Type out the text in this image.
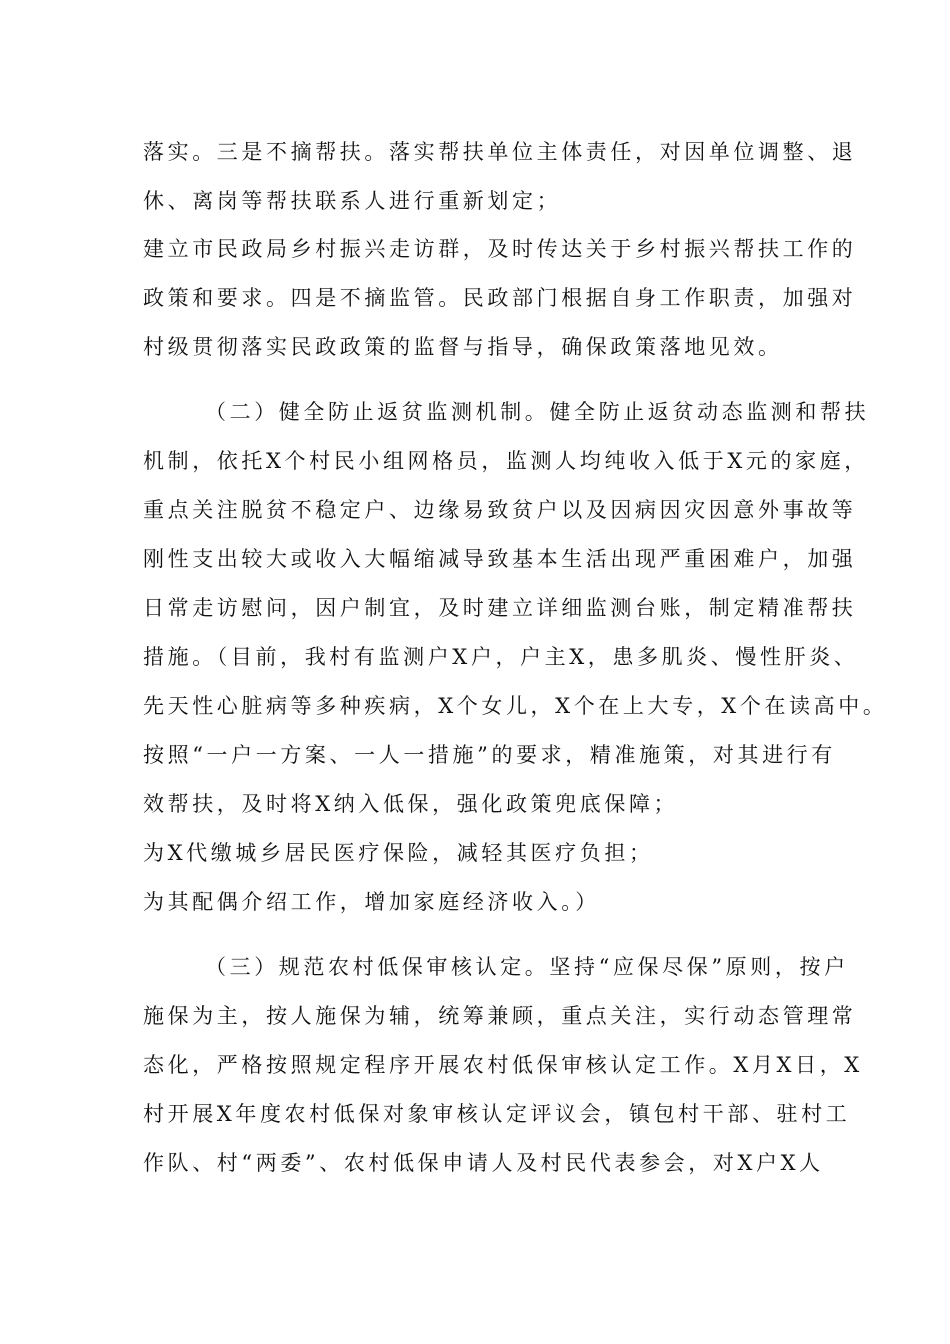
落实。三是不摘帮扶。落实帮扶单位主体责任，对因单位调整、退
休、离岗等帮扶联系人进行重新划定；
建立市民政局乡村振兴走访群，及时传达关于乡村振兴帮扶工作的
政策和要求。四是不摘监管。民政部门根据自身工作职责，加强对
村级贯彻落实民政政策的监督与指导，确保政策落地见效。
（二）健全防止返贫监测机制。健全防止返贫动态监测和帮扶
机制，依托X个村民小组网格员，监测人均纯收入低于X元的家庭，
重点关注脱贫不稳定户、边缘易致贫户以及因病因灾因意外事故等
刚性支出较大或收入大幅缩减导致基本生活出现严重困难户，加强
日常走访慰问，因户制宜，及时建立详细监测台账，制定精准帮扶
措施。（目前，我村有监测户X户，户主X，患多肌炎、慢性肝炎、
先天性心脏病等多种疾病，X个女儿，X个在上大专，X个在读高中。
按照“一户一方案、一人一措施”的要求，精准施策，对其进行有
效帮扶，及时将X纳入低保，强化政策兜底保障；
为X代缴城乡居民医疗保险，减轻其医疗负担；
为其配偶介绍工作，增加家庭经济收入。）
（三）规范农村低保审核认定。坚持“应保尽保”原则，按户
施保为主，按人施保为辅，统筹兼顾，重点关注，实行动态管理常
态化，严格按照规定程序开展农村低保审核认定工作。X月X日，X
村开展X年度农村低保对象审核认定评议会，镇包村干部、驻村工
作队、村“两委”、农村低保申请人及村民代表参会，对X户X人
